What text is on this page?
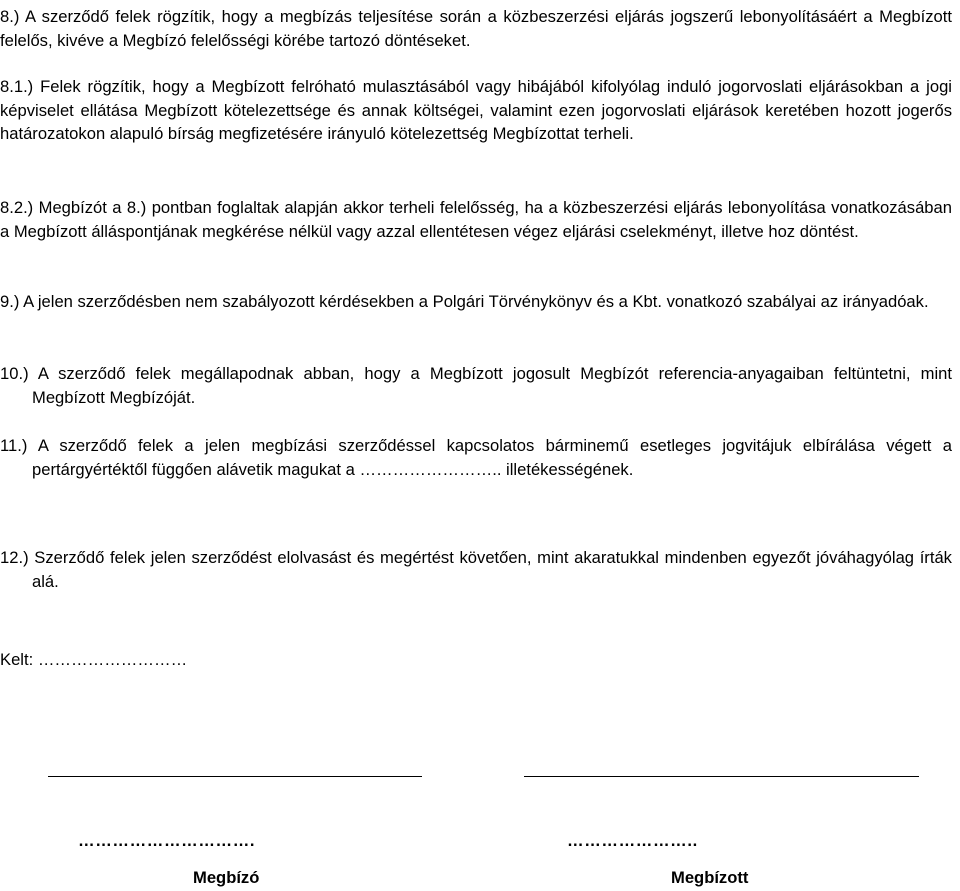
8.) A szerződő felek rögzítik, hogy a megbízás teljesítése során a közbeszerzési eljárás jogszerű lebonyolításáért a Megbízott felelős, kivéve a Megbízó felelősségi körébe tartozó döntéseket.

8.1.) Felek rögzítik, hogy a Megbízott felróható mulasztásából vagy hibájából kifolyólag induló jogorvoslati eljárásokban a jogi képviselet ellátása Megbízott kötelezettsége és annak költségei, valamint ezen jogorvoslati eljárások keretében hozott jogerős határozatokon alapuló bírság megfizetésére irányuló kötelezettség Megbízottat terheli.

8.2.) Megbízót a 8.) pontban foglaltak alapján akkor terheli felelősség, ha a közbeszerzési eljárás lebonyolítása vonatkozásában a Megbízott álláspontjának megkérése nélkül vagy azzal ellentétesen végez eljárási cselekményt, illetve hoz döntést.

9.) A jelen szerződésben nem szabályozott kérdésekben a Polgári Törvénykönyv és a Kbt. vonatkozó szabályai az irányadóak.

10.) A szerződő felek megállapodnak abban, hogy a Megbízott jogosult Megbízót referencia-anyagaiban feltüntetni, mint Megbízott Megbízóját.

11.) A szerződő felek a jelen megbízási szerződéssel kapcsolatos bárminemű esetleges jogvitájuk elbírálása végett a pertárgyértéktől függően alávetik magukat a …………………….. illetékességének.

12.) Szerződő felek jelen szerződést elolvasást és megértést követően, mint akaratukkal mindenben egyezőt jóváhagyólag írták alá.

Kelt: ………………………
………………………….	…………………..
Megbízó	Megbízott
